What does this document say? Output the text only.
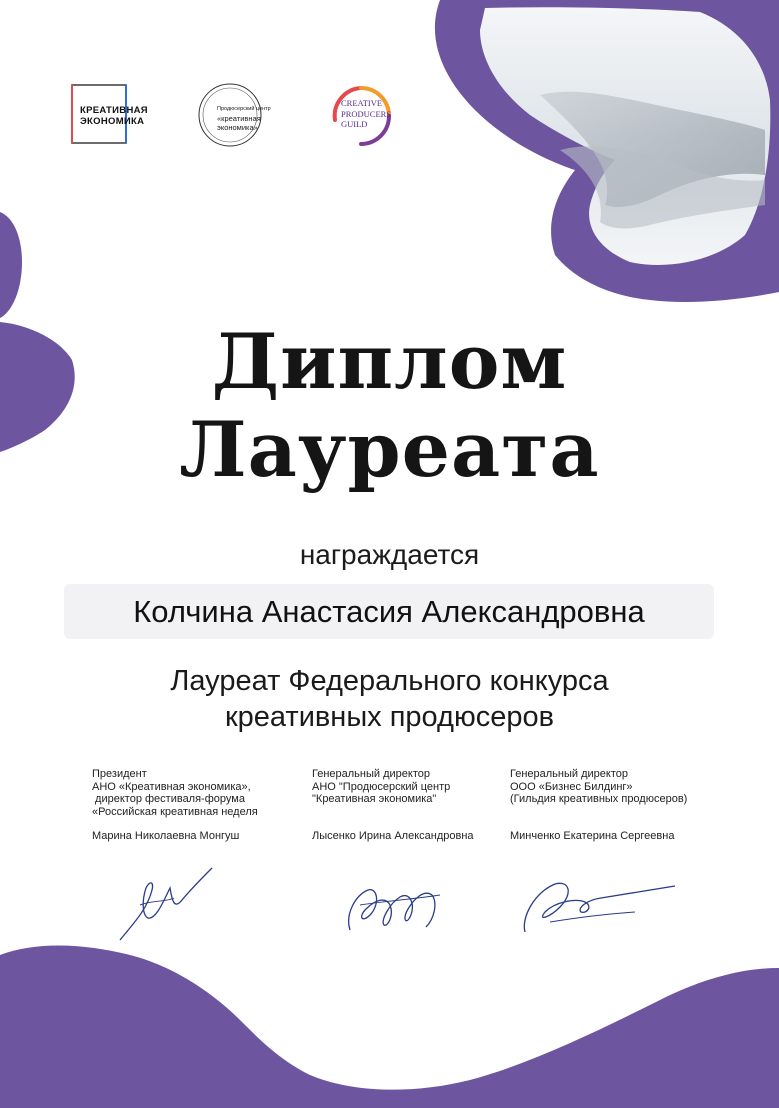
КРЕАТИВНАЯ
ЭКОНОМИКА
Продюсерский центр
«креативная
экономика»
CREATIVE
PRODUCERS
GUILD
Диплом
Лауреата
награждается
Колчина Анастасия Александровна
Лауреат Федерального конкурса
креативных продюсеров
Президент
АНО «Креативная экономика»,
директор фестиваля-форума
«Российская креативная неделя
Марина Николаевна Монгуш
Генеральный директор
АНО "Продюсерский центр
"Креативная экономика"
Лысенко Ирина Александровна
Генеральный директор
ООО «Бизнес Билдинг»
(Гильдия креативных продюсеров)
Минченко Екатерина Сергеевна
